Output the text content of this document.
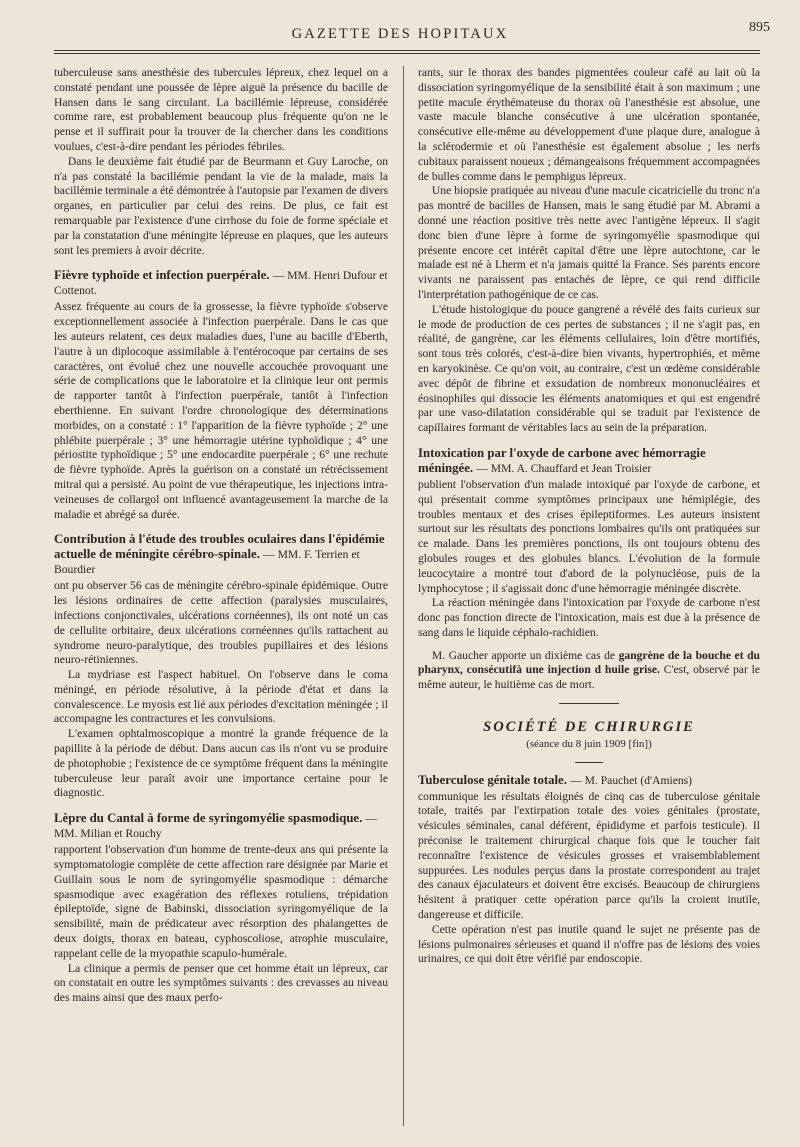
GAZETTE DES HOPITAUX	895

tuberculeuse sans anesthésie des tubercules lépreux, chez lequel on a constaté pendant une poussée de lèpre aiguë la présence du bacille de Hansen dans le sang circulant. La bacillémie lépreuse, considérée comme rare, est probablement beaucoup plus fréquente qu'on ne le pense et il suffirait pour la trouver de la chercher dans les conditions voulues, c'est-à-dire pendant les périodes fébriles.

Dans le deuxième fait étudié par de Beurmann et Guy Laroche, on n'a pas constaté la bacillémie pendant la vie de la malade, mais la bacillémie terminale a été démontrée à l'autopsie par l'examen de divers organes, en particulier par celui des reins. De plus, ce fait est remarquable par l'existence d'une cirrhose du foie de forme spéciale et par la constatation d'une méningite lépreuse en plaques, que les auteurs sont les premiers à avoir décrite.

Fièvre typhoïde et infection puerpérale. — MM. Henri Dufour et Cottenot.

Assez fréquente au cours de la grossesse, la fièvre typhoïde s'observe exceptionnellement associée à l'infection puerpérale. Dans le cas que les auteurs relatent, ces deux maladies dues, l'une au bacille d'Eberth, l'autre à un diplocoque assimilable à l'entérocoque par certains de ses caractères, ont évolué chez une nouvelle accouchée provoquant une série de complications que le laboratoire et la clinique leur ont permis de rapporter tantôt à l'infection puerpérale, tantôt à l'infection eberthienne. En suivant l'ordre chronologique des déterminations morbides, on a constaté : 1° l'apparition de la fièvre typhoïde ; 2° une phlébite puerpérale ; 3° une hémorragie utérine typhoïdique ; 4° une périostite typhoïdique ; 5° une endocardite puerpérale ; 6° une rechute de fièvre typhoïde. Après la guérison on a constaté un rétrécissement mitral qui a persisté. Au point de vue thérapeutique, les injections intra-veineuses de collargol ont influencé avantageusement la marche de la maladie et abrégé sa durée.

Contribution à l'étude des troubles oculaires dans l'épidémie actuelle de méningite cérébro-spinale. — MM. F. Terrien et Bourdier

ont pu observer 56 cas de méningite cérébro-spinale épidémique. Outre les lésions ordinaires de cette affection (paralysies musculaires, infections conjonctivales, ulcérations cornéennes), ils ont noté un cas de cellulite orbitaire, deux ulcérations cornéennes qu'ils rattachent au syndrome neuro-paralytique, des troubles pupillaires et des lésions neuro-rétiniennes.

La mydriase est l'aspect habituel. On l'observe dans le coma méningé, en période résolutive, à la période d'état et dans la convalescence. Le myosis est lié aux périodes d'excitation méningée ; il accompagne les contractures et les convulsions.

L'examen ophtalmoscopique a montré la grande fréquence de la papillite à la période de début. Dans aucun cas ils n'ont vu se produire de photophobie ; l'existence de ce symptôme fréquent dans la méningite tuberculeuse leur paraît avoir une importance certaine pour le diagnostic.

Lèpre du Cantal à forme de syringomyélie spasmodique. — MM. Milian et Rouchy

rapportent l'observation d'un homme de trente-deux ans qui présente la symptomatologie complète de cette affection rare désignée par Marie et Guillain sous le nom de syringomyélie spasmodique : démarche spasmodique avec exagération des réflexes rotuliens, trépidation épileptoïde, signe de Babinski, dissociation syringomyélique de la sensibilité, main de prédicateur avec résorption des phalangettes de deux doigts, thorax en bateau, cyphoscoliose, atrophie musculaire, rappelant celle de la myopathie scapulo-humérale.

La clinique a permis de penser que cet homme était un lépreux, car on constatait en outre les symptômes suivants : des crevasses au niveau des mains ainsi que des maux perfo-

rants, sur le thorax des bandes pigmentées couleur café au lait où la dissociation syringomyélique de la sensibilité était à son maximum ; une petite macule érythémateuse du thorax où l'anesthésie est absolue, une vaste macule blanche consécutive à une ulcération spontanée, consécutive elle-même au développement d'une plaque dure, analogue à la sclérodermie et où l'anesthésie est également absolue ; les nerfs cubitaux paraissent noueux ; démangeaisons fréquemment accompagnées de bulles comme dans le pemphigus lépreux.

Une biopsie pratiquée au niveau d'une macule cicatricielle du tronc n'a pas montré de bacilles de Hansen, mais le sang étudié par M. Abrami a donné une réaction positive très nette avec l'antigène lépreux. Il s'agit donc bien d'une lèpre à forme de syringomyélie spasmodique qui présente encore cet intérêt capital d'être une lèpre autochtone, car le malade est né à Lherm et n'a jamais quitté la France. Ses parents encore vivants ne paraissent pas entachés de lèpre, ce qui rend difficile l'interprétation pathogénique de ce cas.

L'étude histologique du pouce gangrené a révélé des faits curieux sur le mode de production de ces pertes de substances ; il ne s'agit pas, en réalité, de gangrène, car les éléments cellulaires, loin d'être mortifiés, sont tous très colorés, c'est-à-dire bien vivants, hypertrophiés, et même en karyokinèse. Ce qu'on voit, au contraire, c'est un œdème considérable avec dépôt de fibrine et exsudation de nombreux mononucléaires et éosinophiles qui dissocie les éléments anatomiques et qui est engendré par une vaso-dilatation considérable qui se traduit par l'existence de capillaires formant de véritables lacs au sein de la préparation.

Intoxication par l'oxyde de carbone avec hémorragie méningée. — MM. A. Chauffard et Jean Troisier

publient l'observation d'un malade intoxiqué par l'oxyde de carbone, et qui présentait comme symptômes principaux une hémiplégie, des troubles mentaux et des crises épileptiformes. Les auteurs insistent surtout sur les résultats des ponctions lombaires qu'ils ont pratiquées sur ce malade. Dans les premières ponctions, ils ont toujours obtenu des globules rouges et des globules blancs. L'évolution de la formule leucocytaire a montré tout d'abord de la polynucléose, puis de la lymphocytose ; il s'agissait donc d'une hémorragie méningée discrète.

La réaction méningée dans l'intoxication par l'oxyde de carbone n'est donc pas fonction directe de l'intoxication, mais est due à la présence de sang dans le liquide céphalo-rachidien.

M. Gaucher apporte un dixième cas de gangrène de la bouche et du pharynx, consécutifà une injection d huile grise. C'est, observé par le même auteur, le huitième cas de mort.

SOCIÉTÉ DE CHIRURGIE
(séance du 8 juin 1909 [fin])
Tuberculose génitale totale. — M. Pauchet (d'Amiens)

communique les résultats éloignés de cinq cas de tuberculose génitale totale, traités par l'extirpation totale des voies génitales (prostate, vésicules séminales, canal déférent, épididyme et parfois testicule). Il préconise le traitement chirurgical chaque fois que le toucher fait reconnaître l'existence de vésicules grosses et vraisemblablement suppurées. Les nodules perçus dans la prostate correspondent au trajet des canaux éjaculateurs et doivent être excisés. Beaucoup de chirurgiens hésitent à pratiquer cette opération parce qu'ils la croient inutile, dangereuse et difficile.

Cette opération n'est pas inutile quand le sujet ne présente pas de lésions pulmonaires sérieuses et quand il n'offre pas de lésions des voies urinaires, ce qui doit être vérifié par endoscopie.
